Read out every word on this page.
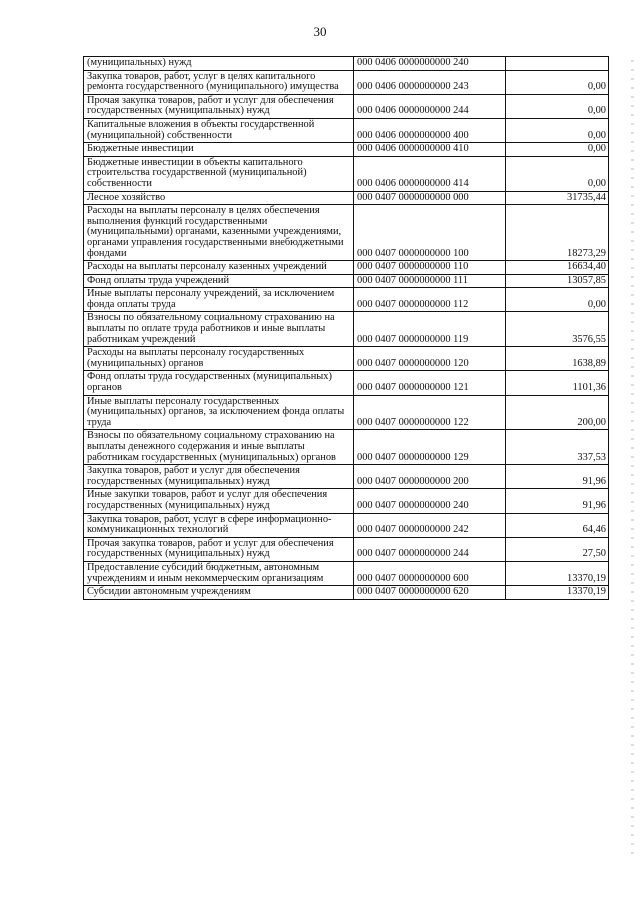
30
(муниципальных) нужд	000 0406 0000000000 240	
Закупка товаров, работ, услуг в целях капитального ремонта государственного (муниципального) имущества	000 0406 0000000000 243	0,00
Прочая закупка товаров, работ и услуг для обеспечения государственных (муниципальных) нужд	000 0406 0000000000 244	0,00
Капитальные вложения в объекты государственной (муниципальной) собственности	000 0406 0000000000 400	0,00
Бюджетные инвестиции	000 0406 0000000000 410	0,00
Бюджетные инвестиции в объекты капитального строительства государственной (муниципальной) собственности	000 0406 0000000000 414	0,00
Лесное хозяйство	000 0407 0000000000 000	31735,44
Расходы на выплаты персоналу в целях обеспечения выполнения функций государственными (муниципальными) органами, казенными учреждениями, органами управления государственными внебюджетными фондами	000 0407 0000000000 100	18273,29
Расходы на выплаты персоналу казенных учреждений	000 0407 0000000000 110	16634,40
Фонд оплаты труда учреждений	000 0407 0000000000 111	13057,85
Иные выплаты персоналу учреждений, за исключением фонда оплаты труда	000 0407 0000000000 112	0,00
Взносы по обязательному социальному страхованию на выплаты по оплате труда работников и иные выплаты работникам учреждений	000 0407 0000000000 119	3576,55
Расходы на выплаты персоналу государственных (муниципальных) органов	000 0407 0000000000 120	1638,89
Фонд оплаты труда государственных (муниципальных) органов	000 0407 0000000000 121	1101,36
Иные выплаты персоналу государственных (муниципальных) органов, за исключением фонда оплаты труда	000 0407 0000000000 122	200,00
Взносы по обязательному социальному страхованию на выплаты денежного содержания и иные выплаты работникам государственных (муниципальных) органов	000 0407 0000000000 129	337,53
Закупка товаров, работ и услуг для обеспечения государственных (муниципальных) нужд	000 0407 0000000000 200	91,96
Иные закупки товаров, работ и услуг для обеспечения государственных (муниципальных) нужд	000 0407 0000000000 240	91,96
Закупка товаров, работ, услуг в сфере информационно-коммуникационных технологий	000 0407 0000000000 242	64,46
Прочая закупка товаров, работ и услуг для обеспечения государственных (муниципальных) нужд	000 0407 0000000000 244	27,50
Предоставление субсидий бюджетным, автономным учреждениям и иным некоммерческим организациям	000 0407 0000000000 600	13370,19
Субсидии автономным учреждениям	000 0407 0000000000 620	13370,19
